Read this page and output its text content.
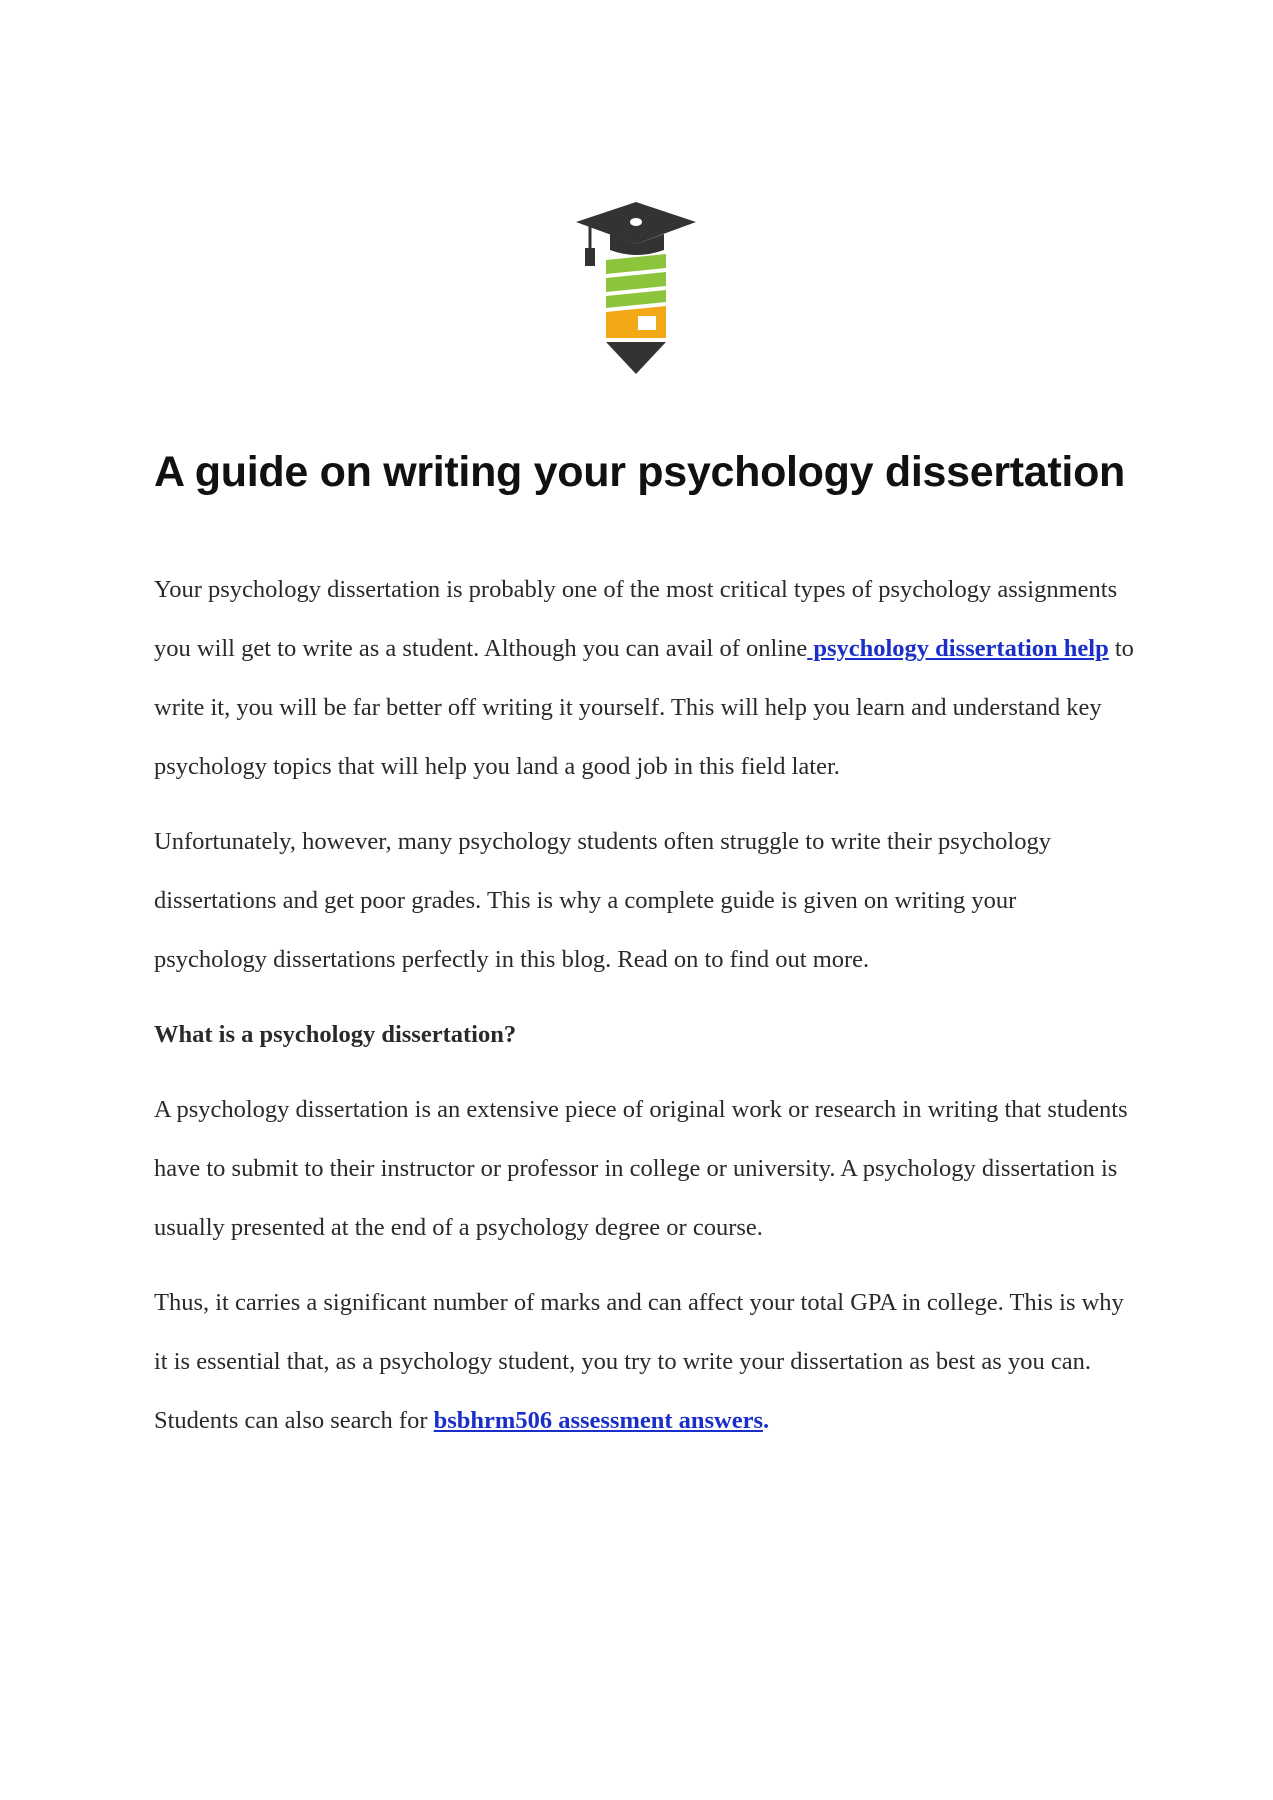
A guide on writing your psychology dissertation

Your psychology dissertation is probably one of the most critical types of psychology assignments you will get to write as a student. Although you can avail of online psychology dissertation help to write it, you will be far better off writing it yourself. This will help you learn and understand key psychology topics that will help you land a good job in this field later.

Unfortunately, however, many psychology students often struggle to write their psychology dissertations and get poor grades. This is why a complete guide is given on writing your psychology dissertations perfectly in this blog. Read on to find out more.

What is a psychology dissertation?

A psychology dissertation is an extensive piece of original work or research in writing that students have to submit to their instructor or professor in college or university. A psychology dissertation is usually presented at the end of a psychology degree or course.

Thus, it carries a significant number of marks and can affect your total GPA in college. This is why it is essential that, as a psychology student, you try to write your dissertation as best as you can. Students can also search for bsbhrm506 assessment answers.
